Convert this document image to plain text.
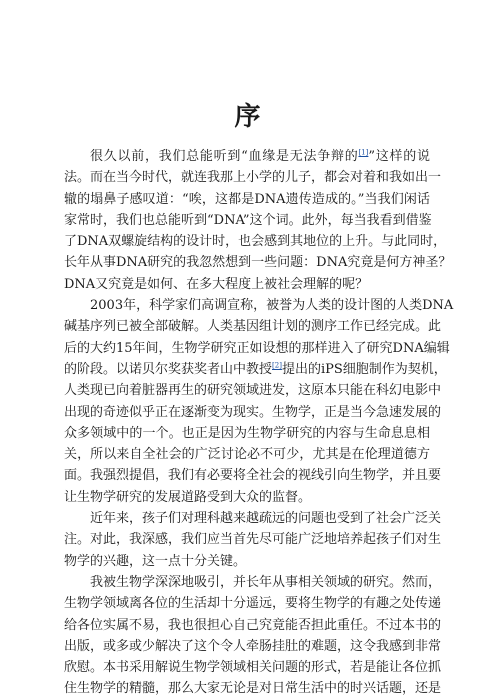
序
很久以前，我们总能听到“血缘是无法争辩的[1]”这样的说
法。而在当今时代，就连我那上小学的儿子，都会对着和我如出一
辙的塌鼻子感叹道：“唉，这都是DNA遗传造成的。”当我们闲话
家常时，我们也总能听到“DNA”这个词。此外，每当我看到借鉴
了DNA双螺旋结构的设计时，也会感到其地位的上升。与此同时，
长年从事DNA研究的我忽然想到一些问题：DNA究竟是何方神圣？
DNA又究竟是如何、在多大程度上被社会理解的呢？
2003年，科学家们高调宣称，被誉为人类的设计图的人类DNA
碱基序列已被全部破解。人类基因组计划的测序工作已经完成。此
后的大约15年间，生物学研究正如设想的那样进入了研究DNA编辑
的阶段。以诺贝尔奖获奖者山中教授[2]提出的iPS细胞制作为契机，
人类现已向着脏器再生的研究领域进发，这原本只能在科幻电影中
出现的奇迹似乎正在逐渐变为现实。生物学，正是当今急速发展的
众多领域中的一个。也正是因为生物学研究的内容与生命息息相
关，所以来自全社会的广泛讨论必不可少，尤其是在伦理道德方
面。我强烈提倡，我们有必要将全社会的视线引向生物学，并且要
让生物学研究的发展道路受到大众的监督。
近年来，孩子们对理科越来越疏远的问题也受到了社会广泛关
注。对此，我深感，我们应当首先尽可能广泛地培养起孩子们对生
物学的兴趣，这一点十分关键。
我被生物学深深地吸引，并长年从事相关领域的研究。然而，
生物学领域离各位的生活却十分遥远，要将生物学的有趣之处传递
给各位实属不易，我也很担心自己究竟能否担此重任。不过本书的
出版，或多或少解决了这个令人牵肠挂肚的难题，这令我感到非常
欣慰。本书采用解说生物学领域相关问题的形式，若是能让各位抓
住生物学的精髓，那么大家无论是对日常生活中的时兴话题，还是
